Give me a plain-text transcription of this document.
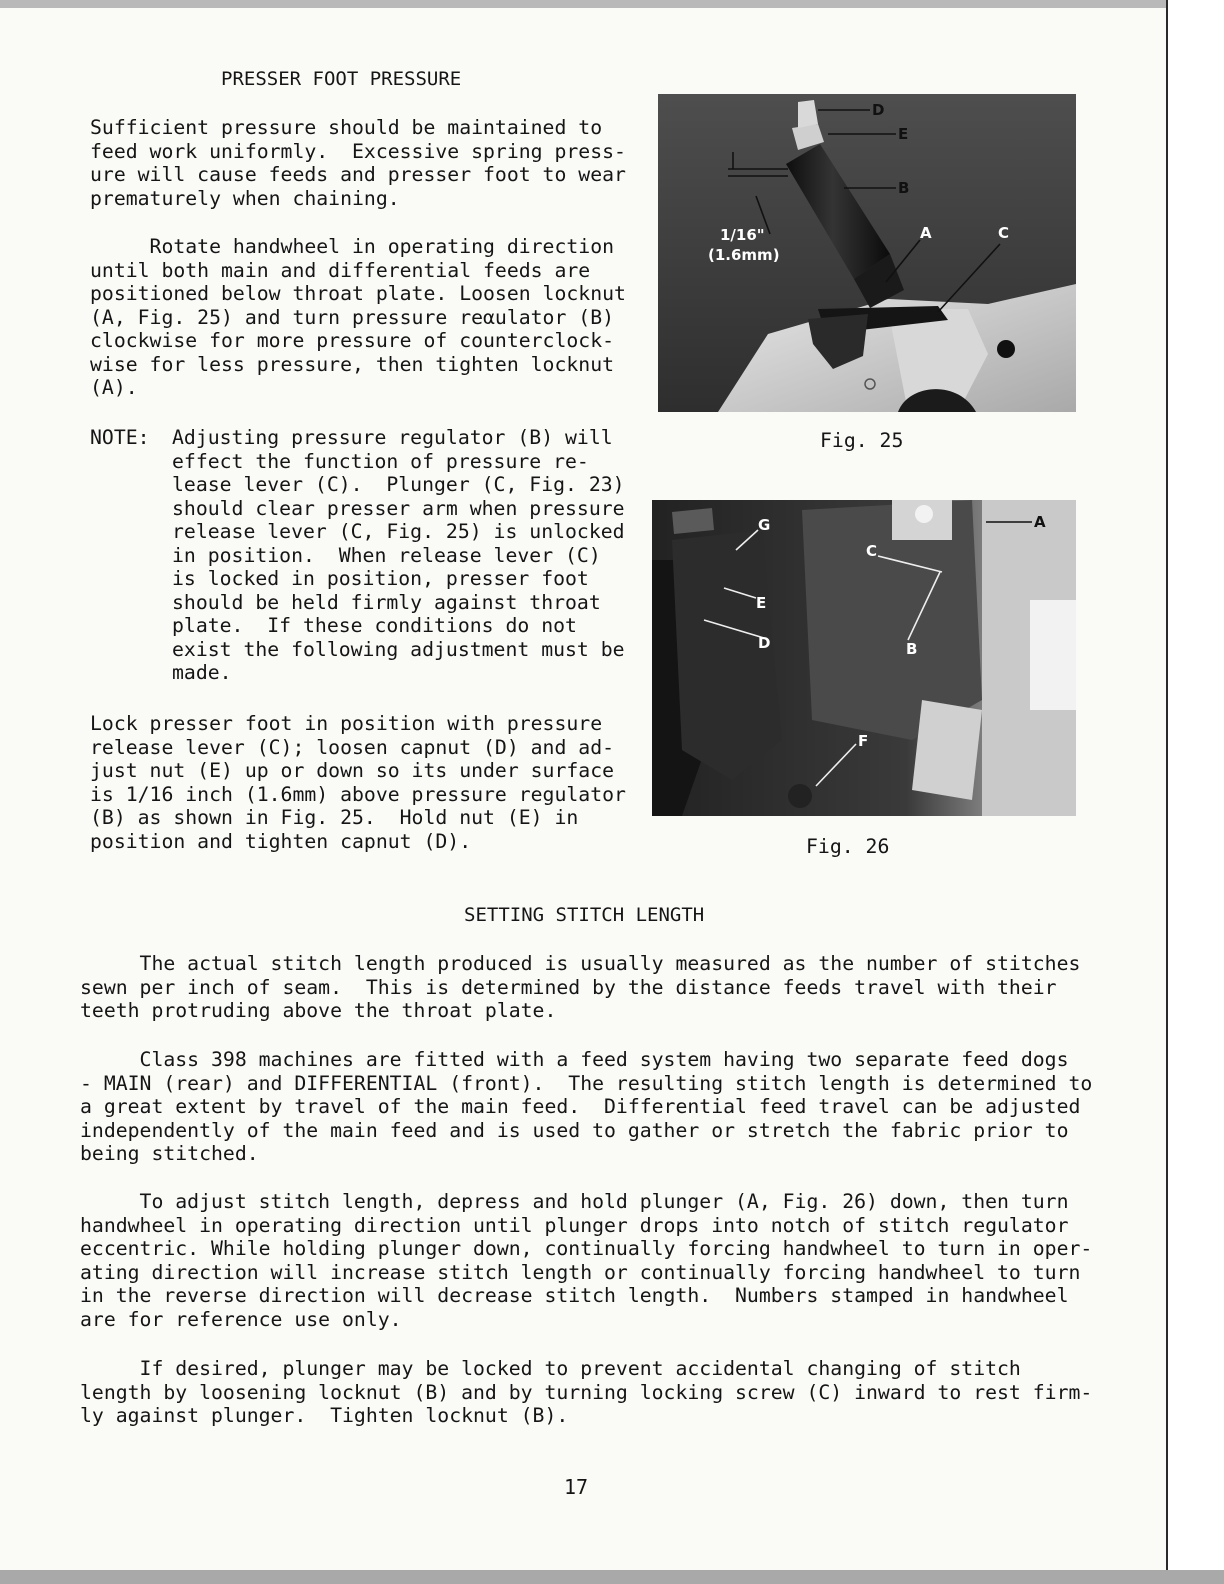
PRESSER FOOT PRESSURE

Sufficient pressure should be maintained to
feed work uniformly.  Excessive spring press-
ure will cause feeds and presser foot to wear
prematurely when chaining.

Rotate handwheel in operating direction
until both main and differential feeds are
positioned below throat plate. Loosen locknut
(A, Fig. 25) and turn pressure reαulator (B)
clockwise for more pressure of counterclock-
wise for less pressure, then tighten locknut
(A).

NOTE: Adjusting pressure regulator (B) will
effect the function of pressure re-
lease lever (C).  Plunger (C, Fig. 23)
should clear presser arm when pressure
release lever (C, Fig. 25) is unlocked
in position.  When release lever (C)
is locked in position, presser foot
should be held firmly against throat
plate.  If these conditions do not
exist the following adjustment must be
made.

Lock presser foot in position with pressure
release lever (C); loosen capnut (D) and ad-
just nut (E) up or down so its under surface
is 1/16 inch (1.6mm) above pressure regulator
(B) as shown in Fig. 25.  Hold nut (E) in
position and tighten capnut (D).

D
E
B
A	C
1/16"
(1.6mm)
Fig. 25
A
G
C
E
D	B
F
Fig. 26
SETTING STITCH LENGTH

The actual stitch length produced is usually measured as the number of stitches
sewn per inch of seam.  This is determined by the distance feeds travel with their
teeth protruding above the throat plate.

Class 398 machines are fitted with a feed system having two separate feed dogs
- MAIN (rear) and DIFFERENTIAL (front).  The resulting stitch length is determined to
a great extent by travel of the main feed.  Differential feed travel can be adjusted
independently of the main feed and is used to gather or stretch the fabric prior to
being stitched.

To adjust stitch length, depress and hold plunger (A, Fig. 26) down, then turn
handwheel in operating direction until plunger drops into notch of stitch regulator
eccentric. While holding plunger down, continually forcing handwheel to turn in oper-
ating direction will increase stitch length or continually forcing handwheel to turn
in the reverse direction will decrease stitch length.  Numbers stamped in handwheel
are for reference use only.

If desired, plunger may be locked to prevent accidental changing of stitch
length by loosening locknut (B) and by turning locking screw (C) inward to rest firm-
ly against plunger.  Tighten locknut (B).

17
